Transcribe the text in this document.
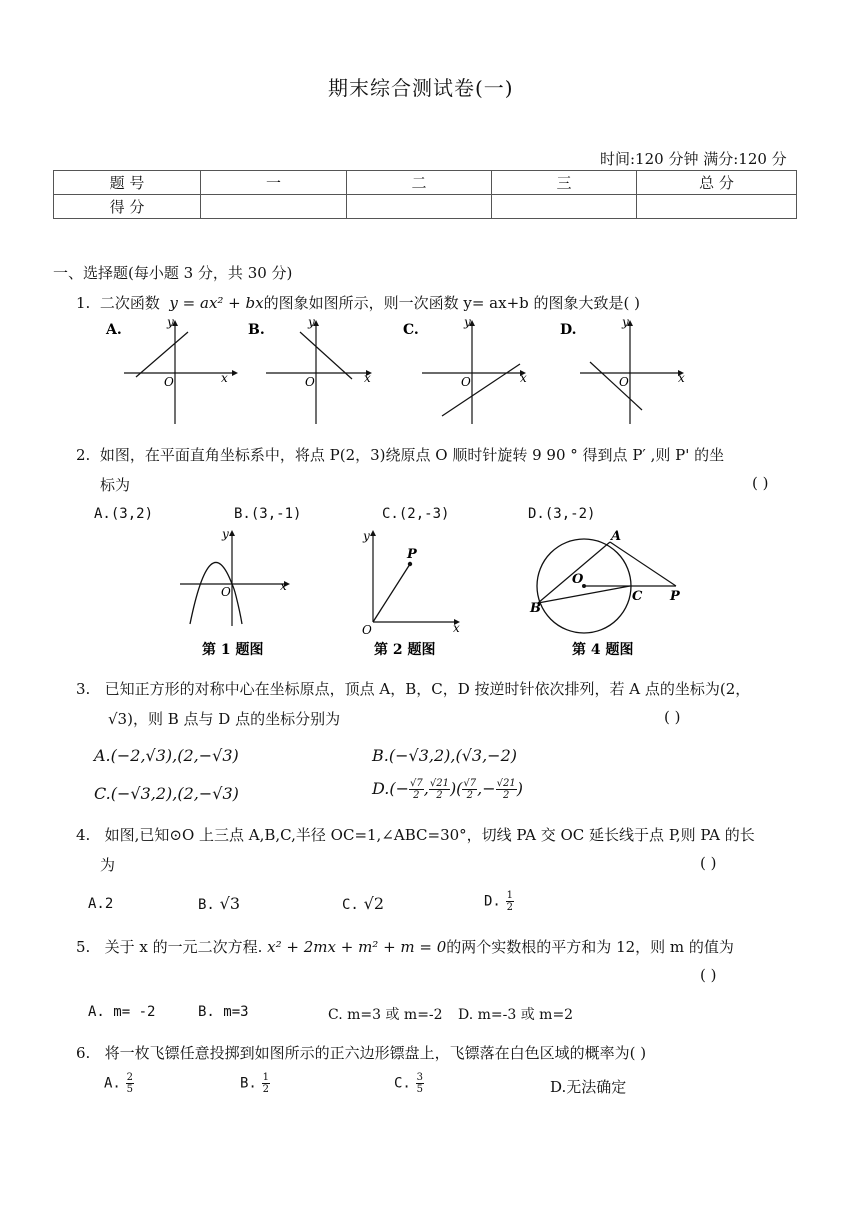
期末综合测试卷(一)
时间:120 分钟 满分:120 分
题 号	一	二	三	总 分
得 分				
一、选择题(每小题 3 分，共 30 分)
1. 二次函数 y = ax² + bx的图象如图所示，则一次函数 y= ax+b 的图象大致是( )
A.	y
x
O
B.	y
x
O
C.	y
x
O
D.	y
x
O
2. 如图，在平面直角坐标系中，将点 P(2，3)绕原点 O 顺时针旋转 9 90 ° 得到点 P′ ,则 P' 的坐
标为	( )
A.(3,2)	B.(3,-1)	C.(2,-3)	D.(3,-2)
y
x
O
第 1 题图
y
x
O
P
第 2 题图
A
O
B
C P
第 4 题图
3. 已知正方形的对称中心在坐标原点，顶点 A，B，C，D 按逆时针依次排列，若 A 点的坐标为(2，
√3)，则 B 点与 D 点的坐标分别为	( )
A.(−2,√3),(2,−√3)	B.(−√3,2),(√3,−2)
C.(−√3,2),(2,−√3)	$D.(- \frac{√7}{2}$ , $\frac{√21}{2}$ )( $\frac{√7}{2}$ ,− $\frac{√21}{2}$ )
4. 如图,已知⊙O 上三点 A,B,C,半径 OC=1,∠ABC=30°，切线 PA 交 OC 延长线于点 P,则 PA 的长
为	( )
A.2	B. √3	C. √2	D. $\frac{1}{2}$
5. 关于 x 的一元二次方程. x² + 2mx + m² + m = 0的两个实数根的平方和为 12，则 m 的值为
( )
A. m= -2	B. m=3	C. m=3 或 m=-2 D. m=-3 或 m=2
6. 将一枚飞镖任意投掷到如图所示的正六边形镖盘上，飞镖落在白色区域的概率为( )
A. $\frac{2}{5}$	B. $\frac{1}{2}$	C. $\frac{3}{5}$	D.无法确定
